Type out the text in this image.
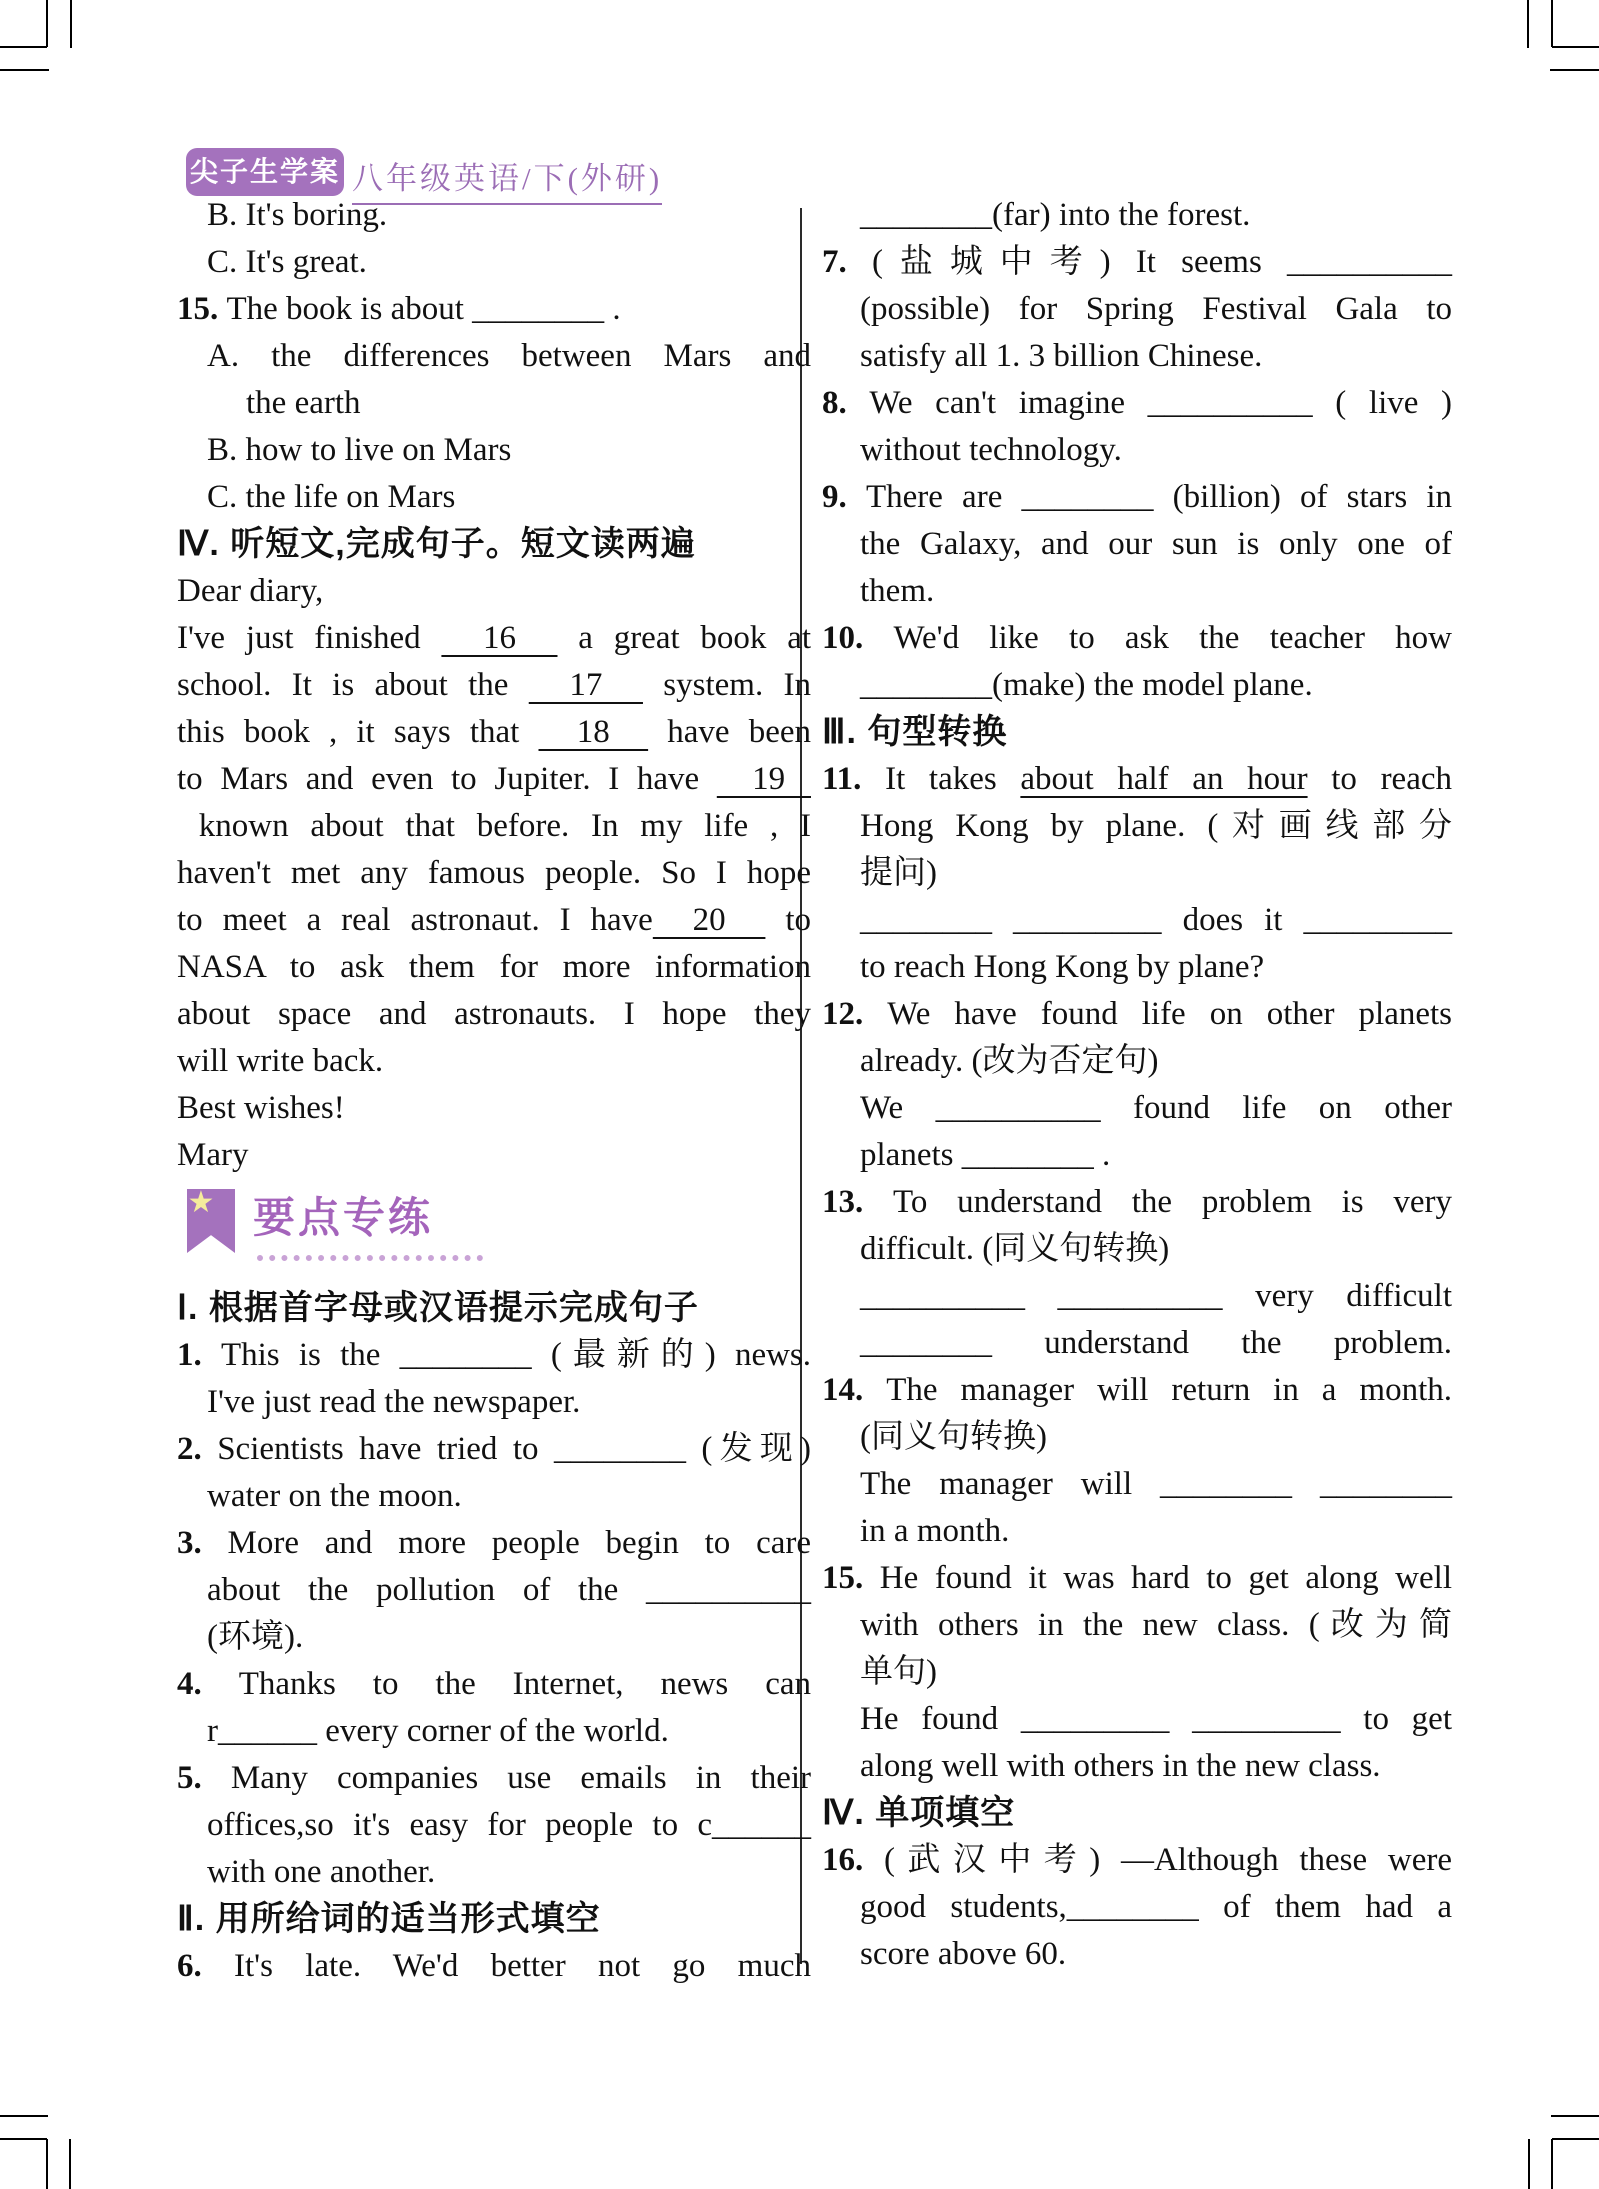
尖子生学案 八年级英语/下(外研)
B. It's boring.
C. It's great.
15. The book is about ________ .
A. the differences between Mars and
the earth
B. how to live on Mars
C. the life on Mars
Ⅳ. 听短文,完成句子。短文读两遍
Dear diary,
I've just finished   16   a great book at
school. It is about the   17   system. In
this book , it says that   18   have been
to Mars and even to Jupiter. I have   19
known about that before. In my life , I
haven't met any famous people. So I hope
to meet a real astronaut. I have  20   to
NASA to ask them for more information
about space and astronauts. I hope they
will write back.
Best wishes!
Mary
★ 要点专练
Ⅰ. 根据首字母或汉语提示完成句子
1. This is the ________ (最新的) news.
I've just read the newspaper.
2. Scientists have tried to ________ (发现)
water on the moon.
3. More and more people begin to care
about the pollution of the __________
(环境).
4. Thanks to the Internet, news can
r______ every corner of the world.
5. Many companies use emails in their
offices,so it's easy for people to c______
with one another.
Ⅱ. 用所给词的适当形式填空
6. It's late. We'd better not go much
________(far) into the forest.
7. (盐城中考) It seems __________
(possible) for Spring Festival Gala to
satisfy all 1. 3 billion Chinese.
8. We can't imagine __________ ( live )
without technology.
9. There are ________ (billion) of stars in
the Galaxy, and our sun is only one of
them.
10. We'd like to ask the teacher how
________(make) the model plane.
Ⅲ. 句型转换
11. It takes about half an hour to reach
Hong Kong by plane. (对画线部分
提问)
________ _________ does it _________
to reach Hong Kong by plane?
12. We have found life on other planets
already. (改为否定句)
We __________ found life on other
planets ________ .
13. To understand the problem is very
difficult. (同义句转换)
__________ __________ very difficult
________ understand the problem.
14. The manager will return in a month.
(同义句转换)
The manager will ________ ________
in a month.
15. He found it was hard to get along well
with others in the new class. (改为简
单句)
He found _________ _________ to get
along well with others in the new class.
Ⅳ. 单项填空
16. (武汉中考) —Although these were
good students,________ of them had a
score above 60.
